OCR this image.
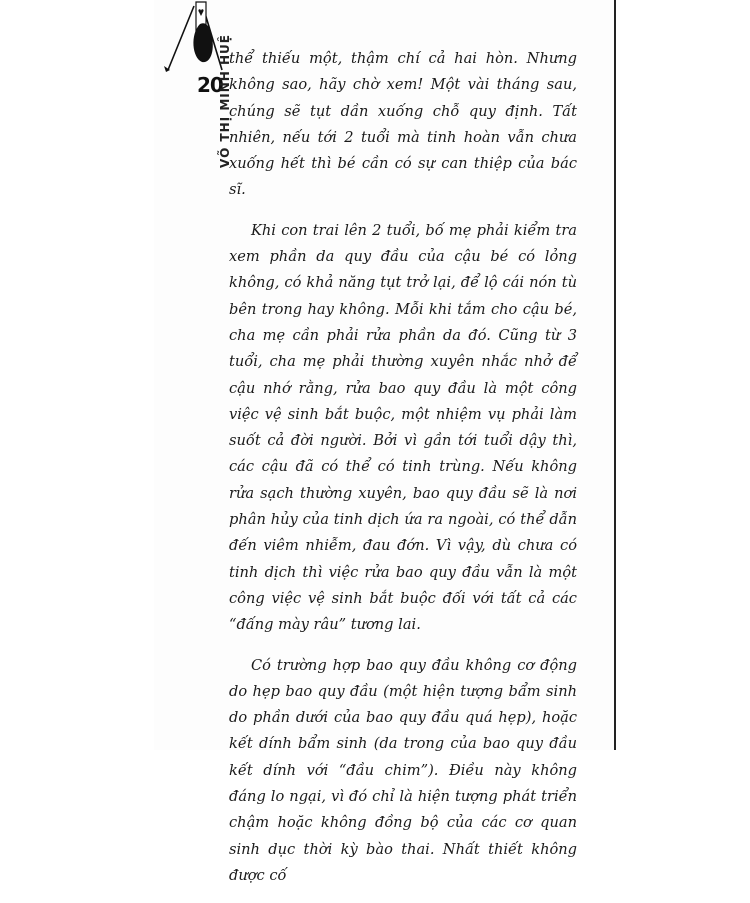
20
VÕ THỊ MINH HUỆ

thể thiếu một, thậm chí cả hai hòn. Nhưng không sao, hãy chờ xem! Một vài tháng sau, chúng sẽ tụt dần xuống chỗ quy định. Tất nhiên, nếu tới 2 tuổi mà tinh hoàn vẫn chưa xuống hết thì bé cần có sự can thiệp của bác sĩ.

Khi con trai lên 2 tuổi, bố mẹ phải kiểm tra xem phần da quy đầu của cậu bé có lỏng không, có khả năng tụt trở lại, để lộ cái nón tù bên trong hay không. Mỗi khi tắm cho cậu bé, cha mẹ cần phải rửa phần da đó. Cũng từ 3 tuổi, cha mẹ phải thường xuyên nhắc nhở để cậu nhớ rằng, rửa bao quy đầu là một công việc vệ sinh bắt buộc, một nhiệm vụ phải làm suốt cả đời người. Bởi vì gần tới tuổi dậy thì, các cậu đã có thể có tinh trùng. Nếu không rửa sạch thường xuyên, bao quy đầu sẽ là nơi phân hủy của tinh dịch ứa ra ngoài, có thể dẫn đến viêm nhiễm, đau đớn. Vì vậy, dù chưa có tinh dịch thì việc rửa bao quy đầu vẫn là một công việc vệ sinh bắt buộc đối với tất cả các “đấng mày râu” tương lai.

Có trường hợp bao quy đầu không cơ động do hẹp bao quy đầu (một hiện tượng bẩm sinh do phần dưới của bao quy đầu quá hẹp), hoặc kết dính bẩm sinh (da trong của bao quy đầu kết dính với “đầu chim”). Điều này không đáng lo ngại, vì đó chỉ là hiện tượng phát triển chậm hoặc không đồng bộ của các cơ quan sinh dục thời kỳ bào thai. Nhất thiết không được cố
